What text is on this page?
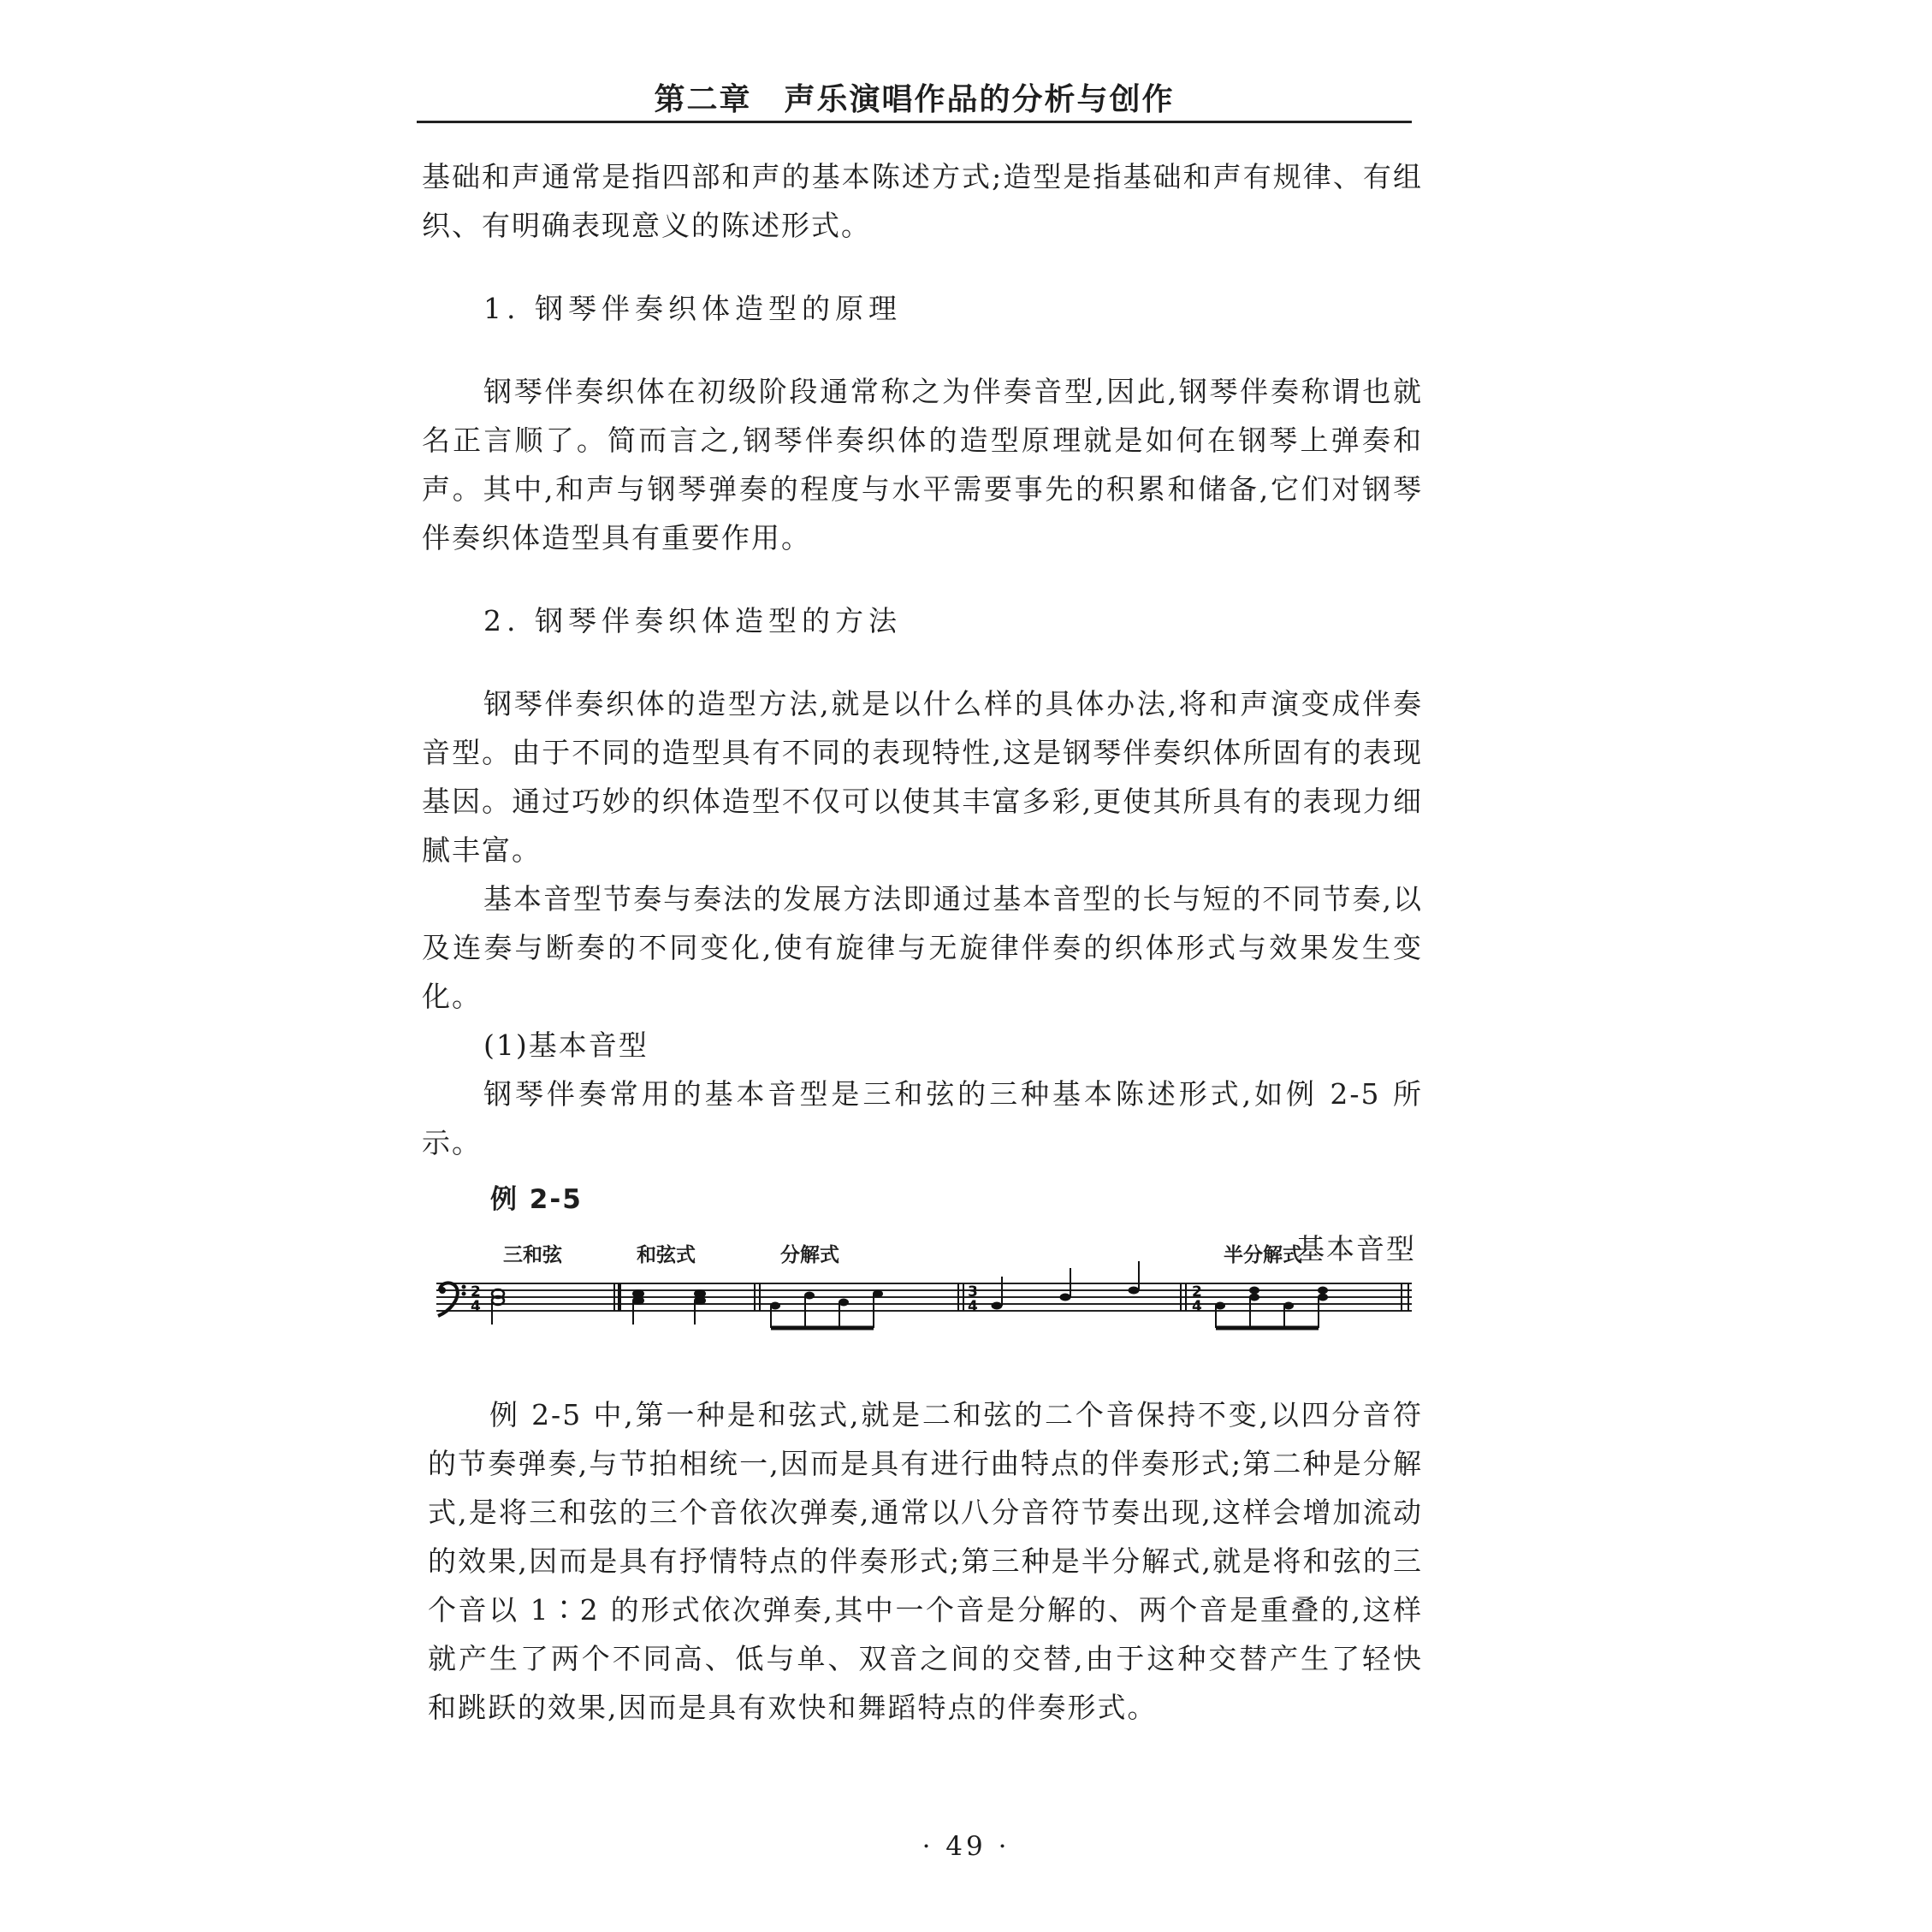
第二章　声乐演唱作品的分析与创作

基础和声通常是指四部和声的基本陈述方式;造型是指基础和声有规律、有组织、有明确表现意义的陈述形式。

1. 钢琴伴奏织体造型的原理

钢琴伴奏织体在初级阶段通常称之为伴奏音型,因此,钢琴伴奏称谓也就名正言顺了。简而言之,钢琴伴奏织体的造型原理就是如何在钢琴上弹奏和声。其中,和声与钢琴弹奏的程度与水平需要事先的积累和储备,它们对钢琴伴奏织体造型具有重要作用。

2. 钢琴伴奏织体造型的方法

钢琴伴奏织体的造型方法,就是以什么样的具体办法,将和声演变成伴奏音型。由于不同的造型具有不同的表现特性,这是钢琴伴奏织体所固有的表现基因。通过巧妙的织体造型不仅可以使其丰富多彩,更使其所具有的表现力细腻丰富。

基本音型节奏与奏法的发展方法即通过基本音型的长与短的不同节奏,以及连奏与断奏的不同变化,使有旋律与无旋律伴奏的织体形式与效果发生变化。

(1)基本音型

钢琴伴奏常用的基本音型是三和弦的三种基本陈述形式,如例 2-5 所示。

例 2-5

基本音型

三和弦	和弦式	分解式	半分解式
2
4
3
4
2
4

例 2-5 中,第一种是和弦式,就是二和弦的二个音保持不变,以四分音符的节奏弹奏,与节拍相统一,因而是具有进行曲特点的伴奏形式;第二种是分解式,是将三和弦的三个音依次弹奏,通常以八分音符节奏出现,这样会增加流动的效果,因而是具有抒情特点的伴奏形式;第三种是半分解式,就是将和弦的三个音以 1∶2 的形式依次弹奏,其中一个音是分解的、两个音是重叠的,这样就产生了两个不同高、低与单、双音之间的交替,由于这种交替产生了轻快和跳跃的效果,因而是具有欢快和舞蹈特点的伴奏形式。

· 49 ·
